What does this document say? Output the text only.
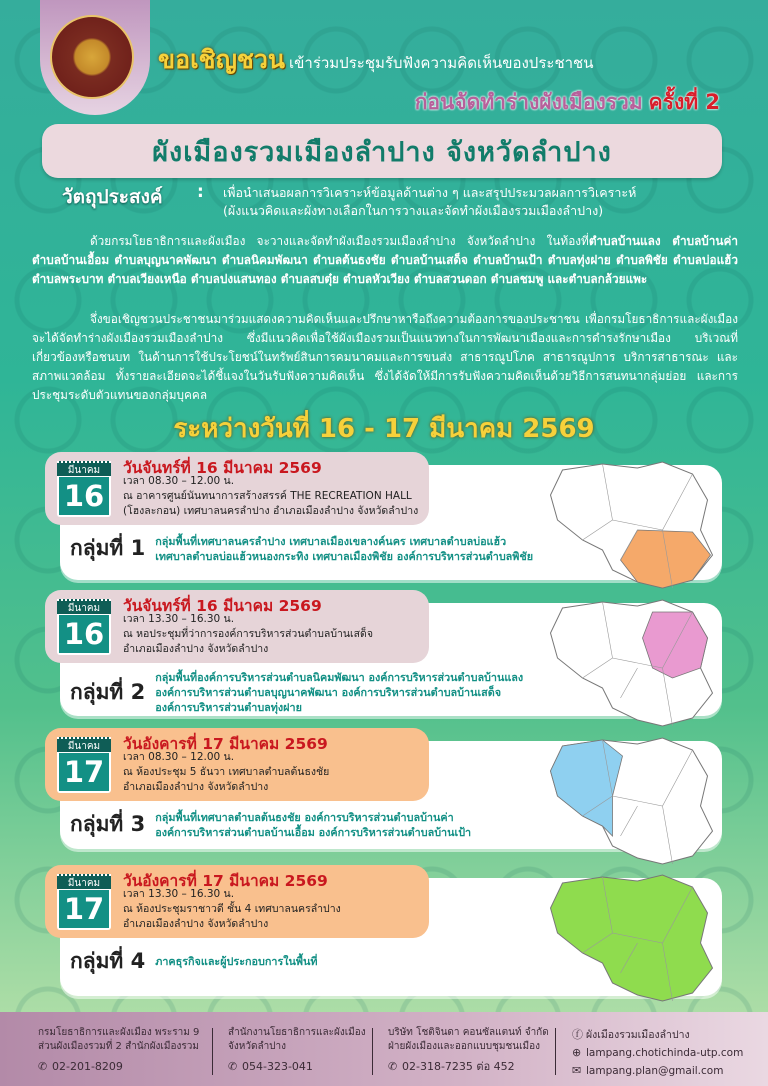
ขอเชิญชวน เข้าร่วมประชุมรับฟังความคิดเห็นของประชาชน
ก่อนจัดทำร่างผังเมืองรวม ครั้งที่ 2
ผังเมืองรวมเมืองลำปาง จังหวัดลำปาง
วัตถุประสงค์	:	เพื่อนำเสนอผลการวิเคราะห์ข้อมูลด้านต่าง ๆ และสรุปประมวลผลการวิเคราะห์
(ผังแนวคิดและผังทางเลือกในการวางและจัดทำผังเมืองรวมเมืองลำปาง)

ด้วยกรมโยธาธิการและผังเมือง จะวางและจัดทำผังเมืองรวมเมืองลำปาง จังหวัดลำปาง ในท้องที่ตำบลบ้านแลง ตำบลบ้านค่า ตำบลบ้านเอื้อม ตำบลบุญนาคพัฒนา ตำบลนิคมพัฒนา ตำบลต้นธงชัย ตำบลบ้านเสด็จ ตำบลบ้านเป้า ตำบลทุ่งฝาย ตำบลพิชัย ตำบลบ่อแฮ้ว ตำบลพระบาท ตำบลเวียงเหนือ ตำบลปงแสนทอง ตำบลสบตุ๋ย ตำบลหัวเวียง ตำบลสวนดอก ตำบลชมพู และตำบลกล้วยแพะ

จึ่งขอเชิญชวนประชาชนมาร่วมแสดงความคิดเห็นและปรึกษาหารือถึงความต้องการของประชาชน เพื่อกรมโยธาธิการและผังเมืองจะได้จัดทำร่างผังเมืองรวมเมืองลำปาง ซึ่งมีแนวคิดเพื่อใช้ผังเมืองรวมเป็นแนวทางในการพัฒนาเมืองและการดำรงรักษาเมือง บริเวณที่เกี่ยวข้องหรือชนบท ในด้านการใช้ประโยชน์ในทรัพย์สินการคมนาคมและการขนส่ง สาธารณูปโภค สาธารณูปการ บริการสาธารณะ และสภาพแวดล้อม ทั้งรายละเอียดจะได้ชี้แจงในวันรับฟังความคิดเห็น ซึ่งได้จัดให้มีการรับฟังความคิดเห็นด้วยวิธีการสนทนากลุ่มย่อย และการประชุมระดับตัวแทนของกลุ่มบุคคล

ระหว่างวันที่ 16 - 17 มีนาคม 2569
มีนาคม
16
วันจันทร์ที่ 16 มีนาคม 2569
เวลา 08.30 – 12.00 น.
ณ อาคารศูนย์นันทนาการสร้างสรรค์ THE RECREATION HALL
(โฮงละกอน) เทศบาลนครลำปาง อำเภอเมืองลำปาง จังหวัดลำปาง
กลุ่มที่ 1 กลุ่มพื้นที่เทศบาลนครลำปาง เทศบาลเมืองเขลางค์นคร เทศบาลตำบลบ่อแฮ้ว
เทศบาลตำบลบ่อแฮ้วหนองกระทิง เทศบาลเมืองพิชัย องค์การบริหารส่วนตำบลพิชัย
มีนาคม
16
วันจันทร์ที่ 16 มีนาคม 2569
เวลา 13.30 – 16.30 น.
ณ หอประชุมที่ว่าการองค์การบริหารส่วนตำบลบ้านเสด็จ
อำเภอเมืองลำปาง จังหวัดลำปาง
กลุ่มที่ 2
กลุ่มพื้นที่องค์การบริหารส่วนตำบลนิคมพัฒนา องค์การบริหารส่วนตำบลบ้านแลง
องค์การบริหารส่วนตำบลบุญนาคพัฒนา องค์การบริหารส่วนตำบลบ้านเสด็จ
องค์การบริหารส่วนตำบลทุ่งฝาย
มีนาคม
17
วันอังคารที่ 17 มีนาคม 2569
เวลา 08.30 – 12.00 น.
ณ ห้องประชุม 5 ธันวา เทศบาลตำบลต้นธงชัย
อำเภอเมืองลำปาง จังหวัดลำปาง
กลุ่มที่ 3 กลุ่มพื้นที่เทศบาลตำบลต้นธงชัย องค์การบริหารส่วนตำบลบ้านค่า
องค์การบริหารส่วนตำบลบ้านเอื้อม องค์การบริหารส่วนตำบลบ้านเป้า
มีนาคม
17
วันอังคารที่ 17 มีนาคม 2569
เวลา 13.30 – 16.30 น.
ณ ห้องประชุมราชาวดี ชั้น 4 เทศบาลนครลำปาง
อำเภอเมืองลำปาง จังหวัดลำปาง
กลุ่มที่ 4 ภาคธุรกิจและผู้ประกอบการในพื้นที่
กรมโยธาธิการและผังเมือง พระราม 9
ส่วนผังเมืองรวมที่ 2 สำนักผังเมืองรวม
✆ 02-201-8209
สำนักงานโยธาธิการและผังเมือง
จังหวัดลำปาง
✆ 054-323-041
บริษัท โชติจินดา คอนซัลแตนท์ จำกัด
ฝ่ายผังเมืองและออกแบบชุมชนเมือง
✆ 02-318-7235 ต่อ 452
ⓕ ผังเมืองรวมเมืองลำปาง
⊕ lampang.chotichinda-utp.com
✉ lampang.plan@gmail.com
